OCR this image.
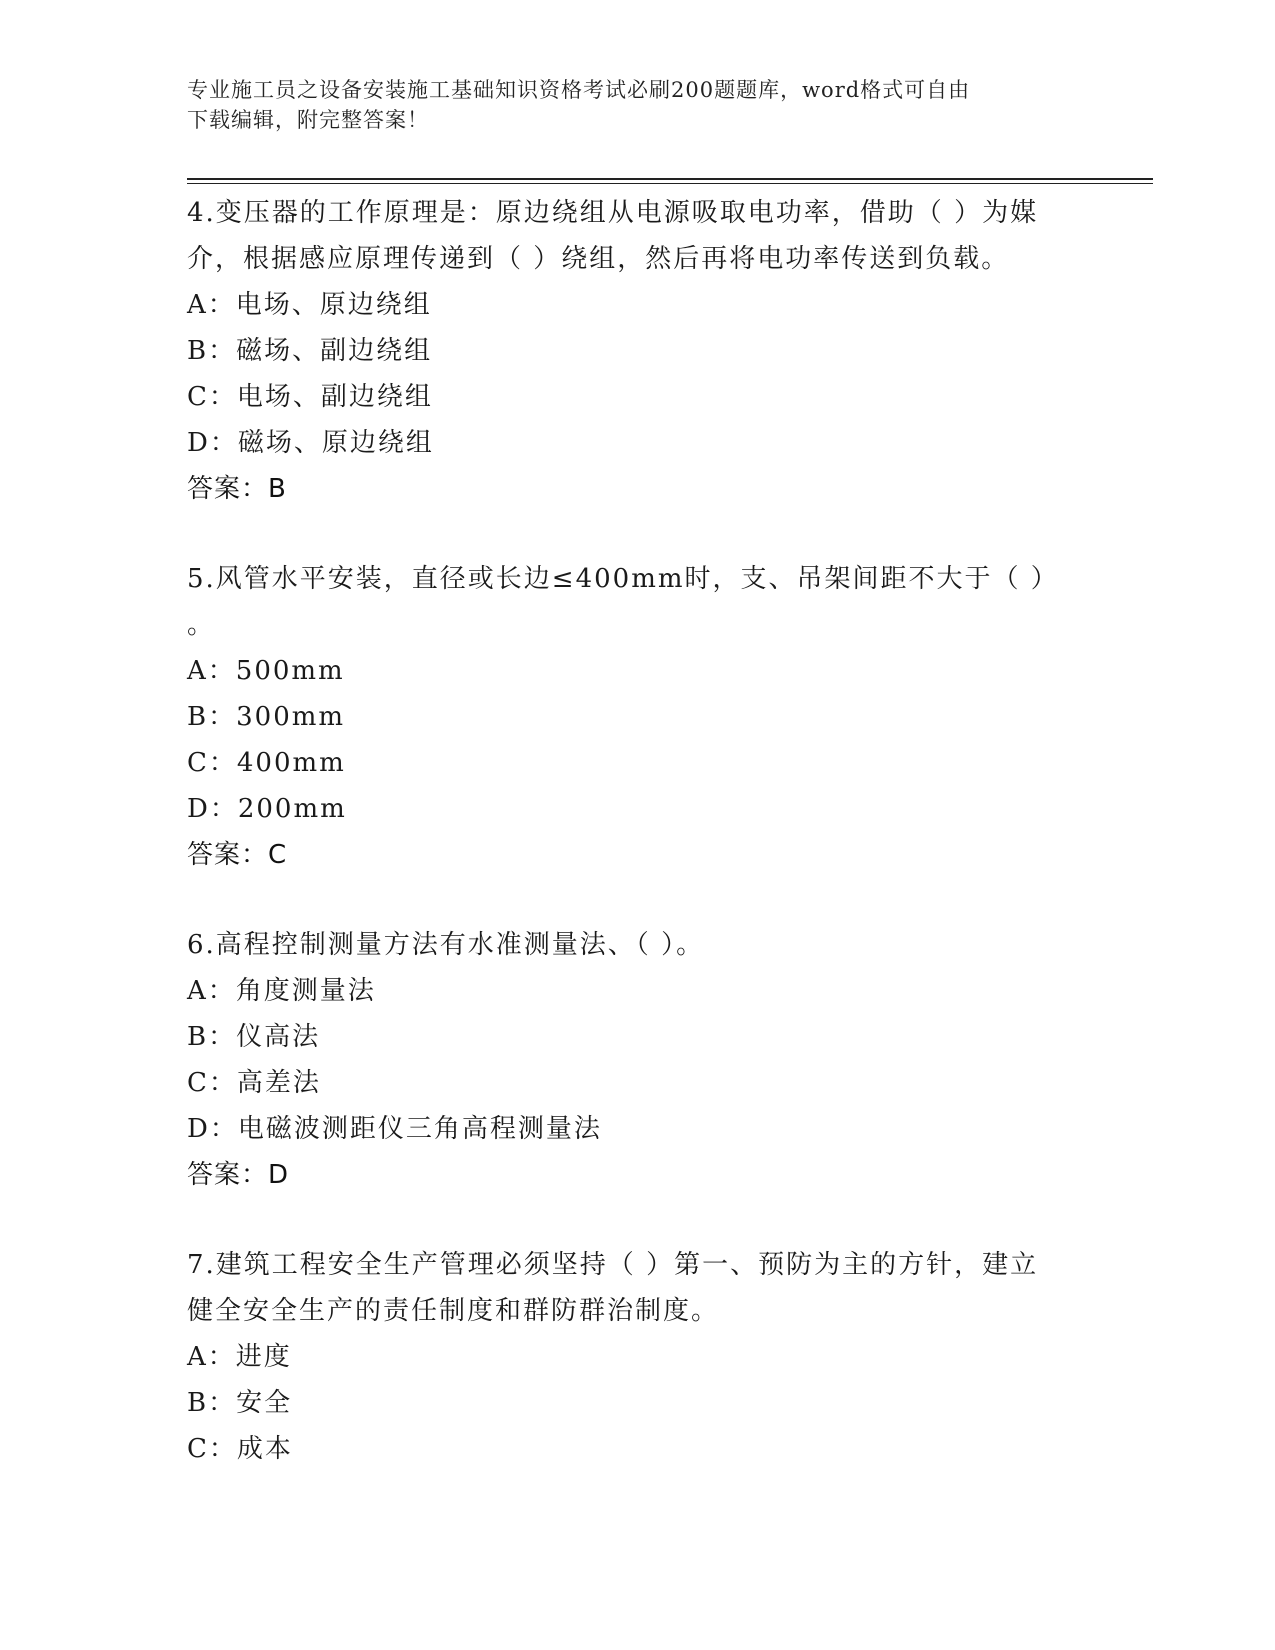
专业施工员之设备安装施工基础知识资格考试必刷200题题库，word格式可自由
下载编辑，附完整答案！
4.变压器的工作原理是：原边绕组从电源吸取电功率，借助（ ）为媒
介，根据感应原理传递到（ ）绕组，然后再将电功率传送到负载。
A：电场、原边绕组
B：磁场、副边绕组
C：电场、副边绕组
D：磁场、原边绕组
答案：B
5.风管水平安装，直径或长边≤400mm时，支、吊架间距不大于（ ）
。
A：500mm
B：300mm
C：400mm
D：200mm
答案：C
6.高程控制测量方法有水准测量法、（ ）。
A：角度测量法
B：仪高法
C：高差法
D：电磁波测距仪三角高程测量法
答案：D
7.建筑工程安全生产管理必须坚持（ ）第一、预防为主的方针，建立
健全安全生产的责任制度和群防群治制度。
A：进度
B：安全
C：成本
